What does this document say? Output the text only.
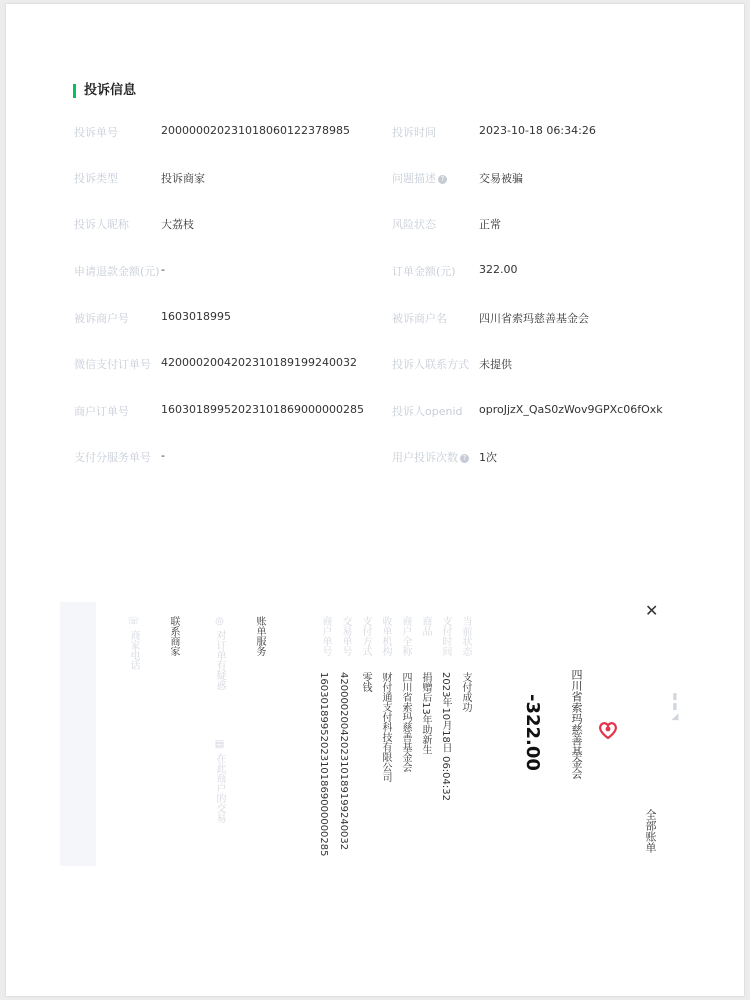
投诉信息
投诉单号	200000020231018060122378985	投诉时间	2023-10-18 06:34:26
投诉类型	投诉商家	问题描述 ?	交易被骗
投诉人昵称	大荔枝	风险状态	正常
申请退款金额(元) -	订单金额(元) 322.00
被诉商户号	1603018995	被诉商户名	四川省索玛慈善基金会
微信支付订单号 4200002004202310189199240032	投诉人联系方式 未提供
商户订单号	16030189952023101869000000285	投诉人openid oproJjzX_QaS0zWov9GPXc06fOxk
支付分服务单号 -	用户投诉次数 ? 1次
✕
▮▮◢
全部账单
四川省索玛慈善基金会
-322.00
当前状态
支付成功
支付时间
2023年10月18日 06:04:32
商品
捐赠后13年助新生
商户全称
四川省索玛慈善基金会
收单机构
财付通支付科技有限公司
支付方式
零钱
交易单号
4200002004202310189199240032
商户单号
16030189952023101869000000285
账单服务
◎ 对订单有疑惑
▤ 在此商户的交易
联系商家
☏ 商家电话
